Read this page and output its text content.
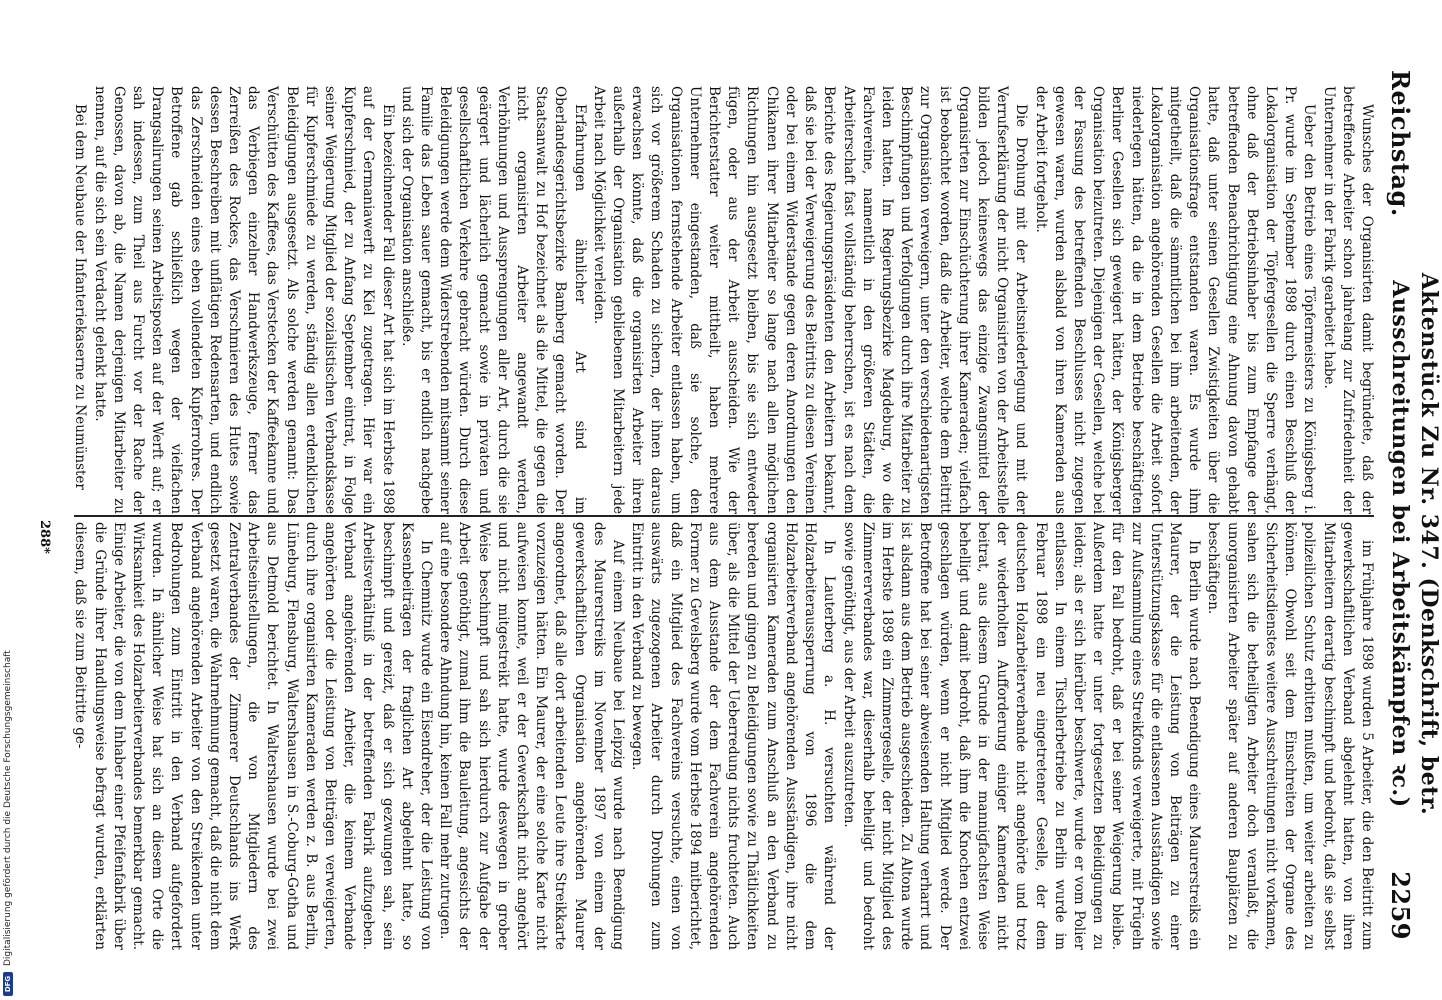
Reichstag.
Aktenstück Zu Nr. 347. (Denkschrift, betr. Ausschreitungen bei Arbeitskämpfen ꝛc.)
2259

Wunsches der Organisirten damit begründete, daß der betreffende Arbeiter schon jahrelang zur Zufriedenheit der Unternehmer in der Fabrik gearbeitet habe.

Ueber den Betrieb eines Töpfermeisters zu Königsberg i. Pr. wurde im September 1898 durch einen Beschluß der Lokalorganisation der Töpfergesellen die Sperre verhängt, ohne daß der Betriebsinhaber bis zum Empfange der betreffenden Benachrichtigung eine Ahnung davon gehabt hatte, daß unter seinen Gesellen Zwistigkeiten über die Organisationsfrage entstanden waren. Es wurde ihm mitgetheilt, daß die sämmtlichen bei ihm arbeitenden, der Lokalorganisation angehörenden Gesellen die Arbeit sofort niederlegen hätten, da die in dem Betriebe beschäftigten Berliner Gesellen sich geweigert hätten, der Königsberger Organisation beizutreten. Diejenigen der Gesellen, welche bei der Fassung des betreffenden Beschlusses nicht zugegen gewesen waren, wurden alsbald von ihren Kameraden aus der Arbeit fortgeholt.

Die Drohung mit der Arbeitsniederlegung und mit der Verrufserklärung der nicht Organisirten von der Arbeitsstelle bilden jedoch keineswegs das einzige Zwangsmittel der Organisirten zur Einschüchterung ihrer Kameraden; vielfach ist beobachtet worden, daß die Arbeiter, welche dem Beitritt zur Organisation verweigern, unter den verschiedenartigsten Beschimpfungen und Verfolgungen durch ihre Mitarbeiter zu leiden hatten. Im Regierungsbezirke Magdeburg, wo die Fachvereine, namentlich in den größeren Städten, die Arbeiterschaft fast vollständig beherrschen, ist es nach dem Berichte des Regierungspräsidenten den Arbeitern bekannt, daß sie bei der Verweigerung des Beitritts zu diesen Vereinen oder bei einem Widerstande gegen deren Anordnungen den Chikanen ihrer Mitarbeiter so lange nach allen möglichen Richtungen hin ausgesetzt bleiben, bis sie sich entweder fügen, oder aus der Arbeit ausscheiden. Wie der Berichterstatter weiter mittheilt, haben mehrere Unternehmer eingestanden, daß sie solche, den Organisationen fernstehende Arbeiter entlassen haben, um sich vor größerem Schaden zu sichern, der ihnen daraus erwachsen könnte, daß die organisirten Arbeiter ihren außerhalb der Organisation gebliebenen Mitarbeitern jede Arbeit nach Möglichkeit verleiden.

Erfahrungen ähnlicher Art sind im Oberlandesgerichtsbezirke Bamberg gemacht worden. Der Staatsanwalt zu Hof bezeichnet als die Mittel, die gegen die nicht organisirten Arbeiter angewandt werden, Verhöhnungen und Aussprengungen aller Art, durch die sie geärgert und lächerlich gemacht sowie in privaten und gesellschaftlichen Verkehre gebracht würden. Durch diese Beleidigungen werde dem Widerstrebenden mitsammt seiner Familie das Leben sauer gemacht, bis er endlich nachgebe und sich der Organisation anschließe.

Ein bezeichnender Fall dieser Art hat sich im Herbste 1898 auf der Germaniawerft zu Kiel zugetragen. Hier war ein Kupferschmied, der zu Anfang September eintrat, in Folge seiner Weigerung Mitglied der sozialistischen Verbandskasse für Kupferschmiede zu werden, ständig allen erdenklichen Beleidigungen ausgesetzt. Als solche werden genannt: Das Verschütten des Kaffees, das Verstecken der Kaffeekanne und das Verbiegen einzelner Handwerkszeuge, ferner das Zerreißen des Rockes, das Verschmieren des Hutes sowie dessen Beschreiben mit unflätigen Redensarten, und endlich das Zerschneiden eines eben vollendeten Kupferrohres. Der Betroffene gab schließlich wegen der vielfachen Drangsalirungen seinen Arbeitsposten auf der Werft auf; er sah indessen, zum Theil aus Furcht vor der Rache der Genossen, davon ab, die Namen derjenigen Mitarbeiter zu nennen, auf die sich sein Verdacht gelenkt hatte.

Bei dem Neubaue der Infanteriekaserne zu Neumünster

im Frühjahre 1898 wurden 5 Arbeiter, die den Beitritt zum gewerkschaftlichen Verband abgelehnt hatten, von ihren Mitarbeitern derartig beschimpft und bedroht, daß sie selbst polizeilichen Schutz erbitten mußten, um weiter arbeiten zu können. Obwohl seit dem Einschreiten der Organe des Sicherheitsdienstes weitere Ausschreitungen nicht vorkamen, sahen sich die betheiligten Arbeiter doch veranlaßt, die unorganisirten Arbeiter später auf anderen Bauplätzen zu beschäftigen.

In Berlin wurde nach Beendigung eines Maurerstreiks ein Maurer, der die Leistung von Beiträgen zu einer Unterstützungskasse für die entlassenen Ausständigen sowie zur Aufsammlung eines Streikfonds verweigerte, mit Prügeln für den Fall bedroht, daß er bei seiner Weigerung bleibe. Außerdem hatte er unter fortgesetzten Beleidigungen zu leiden; als er sich hierüber beschwerte, wurde er vom Polier entlassen. In einem Tischlerbetriebe zu Berlin wurde im Februar 1898 ein neu eingetretener Geselle, der dem deutschen Holzarbeiterverbande nicht angehörte und trotz der wiederholten Aufforderung einiger Kameraden nicht beitrat, aus diesem Grunde in der mannigfachsten Weise behelligt und damit bedroht, daß ihm die Knochen entzwei geschlagen würden, wenn er nicht Mitglied werde. Der Betroffene hat bei seiner abweisenden Haltung verharrt und ist alsdann aus dem Betrieb ausgeschieden. Zu Altona wurde im Herbste 1898 ein Zimmergeselle, der nicht Mitglied des Zimmererverbandes war, dieserhalb behelligt und bedroht sowie genöthigt, aus der Arbeit auszutreten.

In Lauterberg a. H. versuchten während der Holzarbeiteraussperrung von 1896 die dem Holzarbeiterverband angehörenden Ausständigen, ihre nicht organisirten Kameraden zum Anschluß an den Verband zu bereden und gingen zu Beleidigungen sowie zu Thätlichkeiten über, als die Mittel der Ueberredung nichts fruchteten. Auch aus dem Ausstande der dem Fachverein angehörenden Former zu Gevelsberg wurde vom Herbste 1894 mitberichtet, daß ein Mitglied des Fachvereins versuchte, einen von auswärts zugezogenen Arbeiter durch Drohungen zum Eintritt in den Verband zu bewegen.

Auf einem Neubaue bei Leipzig wurde nach Beendigung des Maurerstreiks im November 1897 von einem der gewerkschaftlichen Organisation angehörenden Maurer angeordnet, daß alle dort arbeitenden Leute ihre Streikkarte vorzuzeigen hätten. Ein Maurer, der eine solche Karte nicht aufweisen konnte, weil er der Gewerkschaft nicht angehört und nicht mitgestreikt hatte, wurde deswegen in grober Weise beschimpft und sah sich hierdurch zur Aufgabe der Arbeit genöthigt, zumal ihm die Bauleitung, angesichts der auf eine besondere Ahndung hin, keinen Fall mehr zutrugen.

In Chemnitz wurde ein Eisendreher, der die Leistung von Kassenbeiträgen der fraglichen Art abgelehnt hatte, so beschimpft und gereizt, daß er sich gezwungen sah, sein Arbeitsverhältniß in der betreffenden Fabrik aufzugeben. Verband angehörenden Arbeiter, die keinem Verbande angehörten oder die Leistung von Beiträgen verweigerten, durch ihre organisirten Kameraden werden z. B. aus Berlin, Lüneburg, Flensburg, Waltershausen in S.-Coburg-Gotha und aus Detmold berichtet. In Waltershausen wurde bei zwei Arbeitseinstellungen, die von Mitgliedern des Zentralverbandes der Zimmerer Deutschlands ins Werk gesetzt waren, die Wahrnehmung gemacht, daß die nicht dem Verband angehörenden Arbeiter von den Streikenden unter Bedrohungen zum Eintritt in den Verband aufgefordert wurden. In ähnlicher Weise hat sich an diesem Orte die Wirksamkeit des Holzarbeiterverbandes bemerkbar gemacht. Einige Arbeiter, die von dem Inhaber einer Pfeifenfabrik über die Gründe ihrer Handlungsweise befragt wurden, erklärten diesem, daß sie zum Beitritte ge-

288*
Digitalisierung gefördert durch die Deutsche Forschungsgemeinschaft
DFG
